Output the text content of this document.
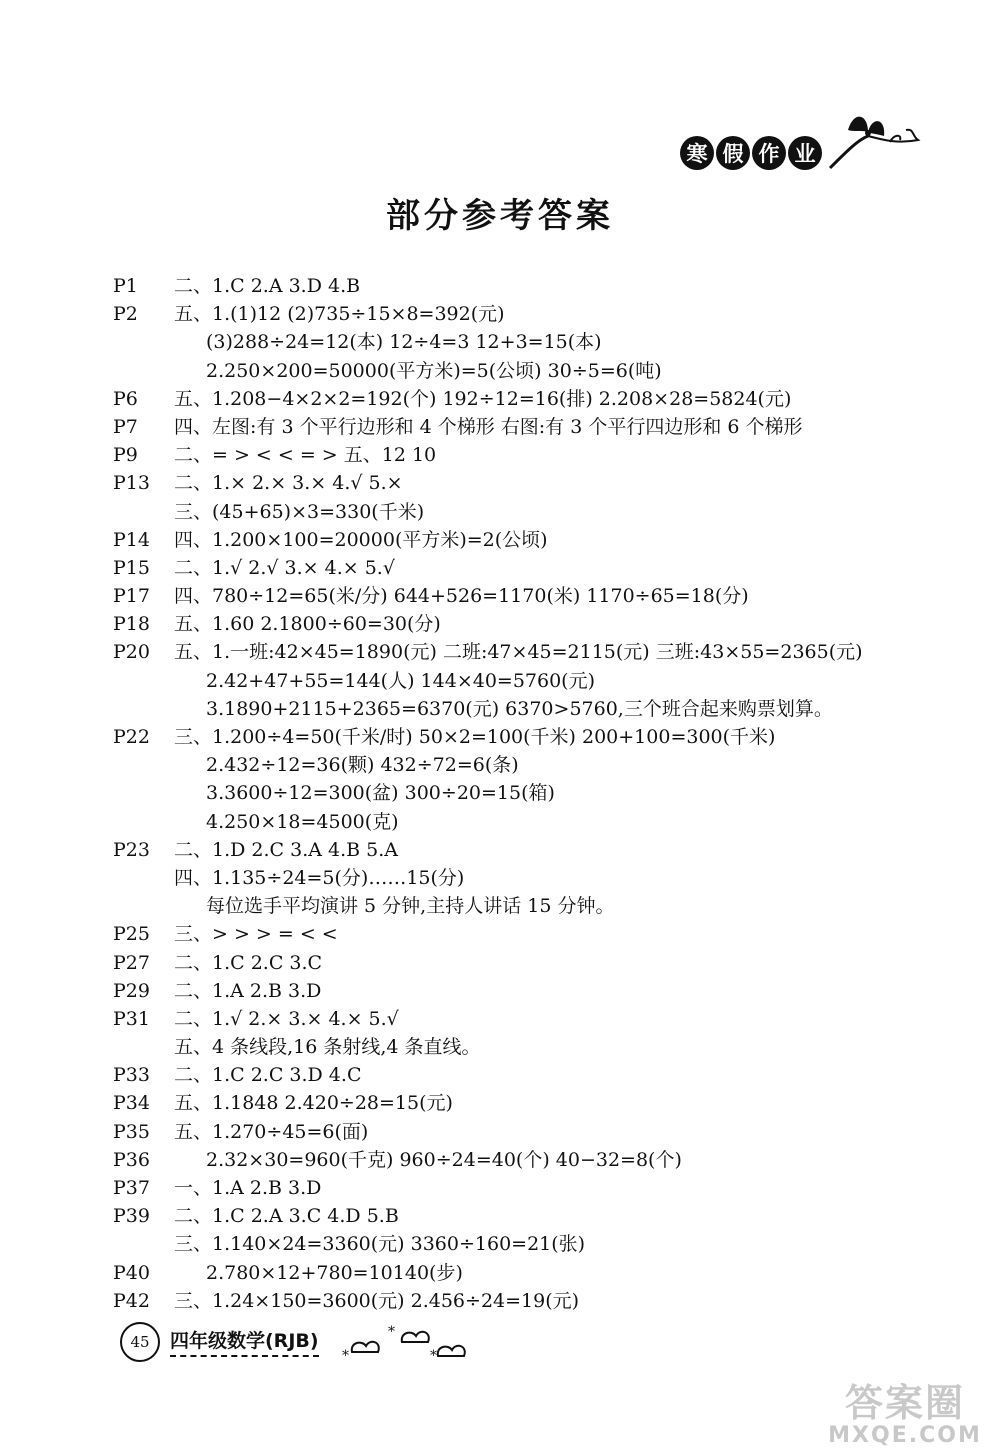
寒 假 作 业
部分参考答案
P1 二、1.C 2.A 3.D 4.B
P2 五、1.(1)12 (2)735÷15×8=392(元)
(3)288÷24=12(本) 12÷4=3 12+3=15(本)
2.250×200=50000(平方米)=5(公顷) 30÷5=6(吨)
P6 五、1.208−4×2×2=192(个) 192÷12=16(排) 2.208×28=5824(元)
P7 四、左图:有 3 个平行边形和 4 个梯形 右图:有 3 个平行四边形和 6 个梯形
P9 二、= > < < = > 五、12 10
P13 二、1.× 2.× 3.× 4.√ 5.×
三、(45+65)×3=330(千米)
P14 四、1.200×100=20000(平方米)=2(公顷)
P15 二、1.√ 2.√ 3.× 4.× 5.√
P17 四、780÷12=65(米/分) 644+526=1170(米) 1170÷65=18(分)
P18 五、1.60 2.1800÷60=30(分)
P20 五、1.一班:42×45=1890(元) 二班:47×45=2115(元) 三班:43×55=2365(元)
2.42+47+55=144(人) 144×40=5760(元)
3.1890+2115+2365=6370(元) 6370>5760,三个班合起来购票划算。
P22 三、1.200÷4=50(千米/时) 50×2=100(千米) 200+100=300(千米)
2.432÷12=36(颗) 432÷72=6(条)
3.3600÷12=300(盆) 300÷20=15(箱)
4.250×18=4500(克)
P23 二、1.D 2.C 3.A 4.B 5.A
四、1.135÷24=5(分)……15(分)
每位选手平均演讲 5 分钟,主持人讲话 15 分钟。
P25 三、> > > = < <
P27 二、1.C 2.C 3.C
P29 二、1.A 2.B 3.D
P31 二、1.√ 2.× 3.× 4.× 5.√
五、4 条线段,16 条射线,4 条直线。
P33 二、1.C 2.C 3.D 4.C
P34 五、1.1848 2.420÷28=15(元)
P35 五、1.270÷45=6(面)
P36	2.32×30=960(千克) 960÷24=40(个) 40−32=8(个)
P37 一、1.A 2.B 3.D
P39 二、1.C 2.A 3.C 4.D 5.B
三、1.140×24=3360(元) 3360÷160=21(张)
P40	2.780×12+780=10140(步)
P42 三、1.24×150=3600(元) 2.456÷24=19(元)
45	四年级数学(RJB)	*
*
*
答案圈
MXQE.COM
